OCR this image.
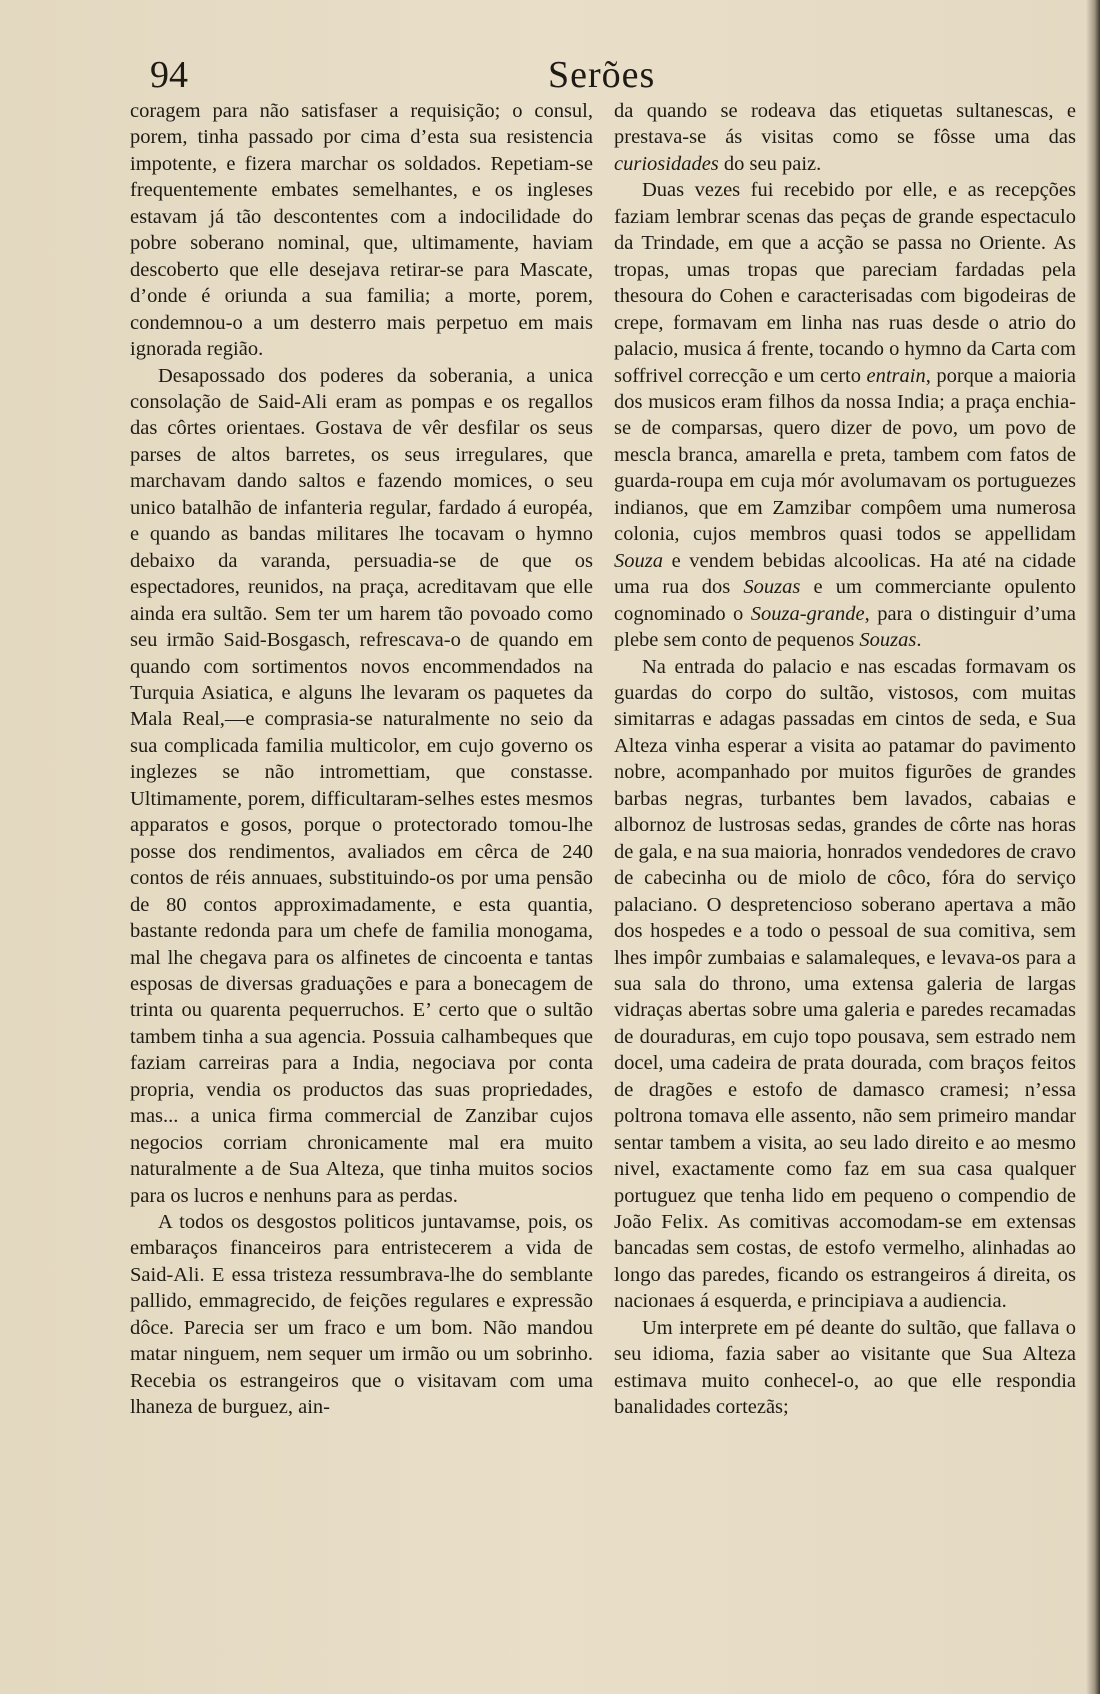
94	Serões

coragem para não satisfaser a requisição; o consul, porem, tinha passado por cima d’esta sua resistencia impotente, e fizera marchar os soldados. Repetiam-se frequentemente embates semelhantes, e os ingleses estavam já tão descontentes com a indocilidade do pobre soberano nominal, que, ultimamente, haviam descoberto que elle desejava retirar-se para Mascate, d’onde é oriunda a sua familia; a morte, porem, condemnou-o a um desterro mais perpetuo em mais ignorada região.

Desapossado dos poderes da soberania, a unica consolação de Said-Ali eram as pompas e os regallos das côrtes orientaes. Gostava de vêr desfilar os seus parses de altos barretes, os seus irregulares, que marchavam dando saltos e fazendo momices, o seu unico batalhão de infanteria regular, fardado á européa, e quando as bandas militares lhe tocavam o hymno debaixo da varanda, persuadia-se de que os espectadores, reunidos, na praça, acreditavam que elle ainda era sultão. Sem ter um harem tão povoado como seu irmão Said-Bosgasch, refrescava-o de quando em quando com sortimentos novos encommendados na Turquia Asiatica, e alguns lhe levaram os paquetes da Mala Real,—e comprasia-se naturalmente no seio da sua complicada familia multicolor, em cujo governo os inglezes se não intromettiam, que constasse. Ultimamente, porem, difficultaram-selhes estes mesmos apparatos e gosos, porque o protectorado tomou-lhe posse dos rendimentos, avaliados em cêrca de 240 contos de réis annuaes, substituindo-os por uma pensão de 80 contos approximadamente, e esta quantia, bastante redonda para um chefe de familia monogama, mal lhe chegava para os alfinetes de cincoenta e tantas esposas de diversas graduações e para a bonecagem de trinta ou quarenta pequerruchos. E’ certo que o sultão tambem tinha a sua agencia. Possuia calhambeques que faziam carreiras para a India, negociava por conta propria, vendia os productos das suas propriedades, mas... a unica firma commercial de Zanzibar cujos negocios corriam chronicamente mal era muito naturalmente a de Sua Alteza, que tinha muitos socios para os lucros e nenhuns para as perdas.

A todos os desgostos politicos juntavamse, pois, os embaraços financeiros para entristecerem a vida de Said-Ali. E essa tristeza ressumbrava-lhe do semblante pallido, emmagrecido, de feições regulares e expressão dôce. Parecia ser um fraco e um bom. Não mandou matar ninguem, nem sequer um irmão ou um sobrinho. Recebia os estrangeiros que o visitavam com uma lhaneza de burguez, ain-

da quando se rodeava das etiquetas sultanescas, e prestava-se ás visitas como se fôsse uma das curiosidades do seu paiz.

Duas vezes fui recebido por elle, e as recepções faziam lembrar scenas das peças de grande espectaculo da Trindade, em que a acção se passa no Oriente. As tropas, umas tropas que pareciam fardadas pela thesoura do Cohen e caracterisadas com bigodeiras de crepe, formavam em linha nas ruas desde o atrio do palacio, musica á frente, tocando o hymno da Carta com soffrivel correcção e um certo entrain, porque a maioria dos musicos eram filhos da nossa India; a praça enchia-se de comparsas, quero dizer de povo, um povo de mescla branca, amarella e preta, tambem com fatos de guarda-roupa em cuja mór avolumavam os portuguezes indianos, que em Zamzibar compôem uma numerosa colonia, cujos membros quasi todos se appellidam Souza e vendem bebidas alcoolicas. Ha até na cidade uma rua dos Souzas e um commerciante opulento cognominado o Souza-grande, para o distinguir d’uma plebe sem conto de pequenos Souzas.

Na entrada do palacio e nas escadas formavam os guardas do corpo do sultão, vistosos, com muitas simitarras e adagas passadas em cintos de seda, e Sua Alteza vinha esperar a visita ao patamar do pavimento nobre, acompanhado por muitos figurões de grandes barbas negras, turbantes bem lavados, cabaias e albornoz de lustrosas sedas, grandes de côrte nas horas de gala, e na sua maioria, honrados vendedores de cravo de cabecinha ou de miolo de côco, fóra do serviço palaciano. O despretencioso soberano apertava a mão dos hospedes e a todo o pessoal de sua comitiva, sem lhes impôr zumbaias e salamaleques, e levava-os para a sua sala do throno, uma extensa galeria de largas vidraças abertas sobre uma galeria e paredes recamadas de douraduras, em cujo topo pousava, sem estrado nem docel, uma cadeira de prata dourada, com braços feitos de dragões e estofo de damasco cramesi; n’essa poltrona tomava elle assento, não sem primeiro mandar sentar tambem a visita, ao seu lado direito e ao mesmo nivel, exactamente como faz em sua casa qualquer portuguez que tenha lido em pequeno o compendio de João Felix. As comitivas accomodam-se em extensas bancadas sem costas, de estofo vermelho, alinhadas ao longo das paredes, ficando os estrangeiros á direita, os nacionaes á esquerda, e principiava a audiencia.

Um interprete em pé deante do sultão, que fallava o seu idioma, fazia saber ao visitante que Sua Alteza estimava muito conhecel-o, ao que elle respondia banalidades cortezãs;
